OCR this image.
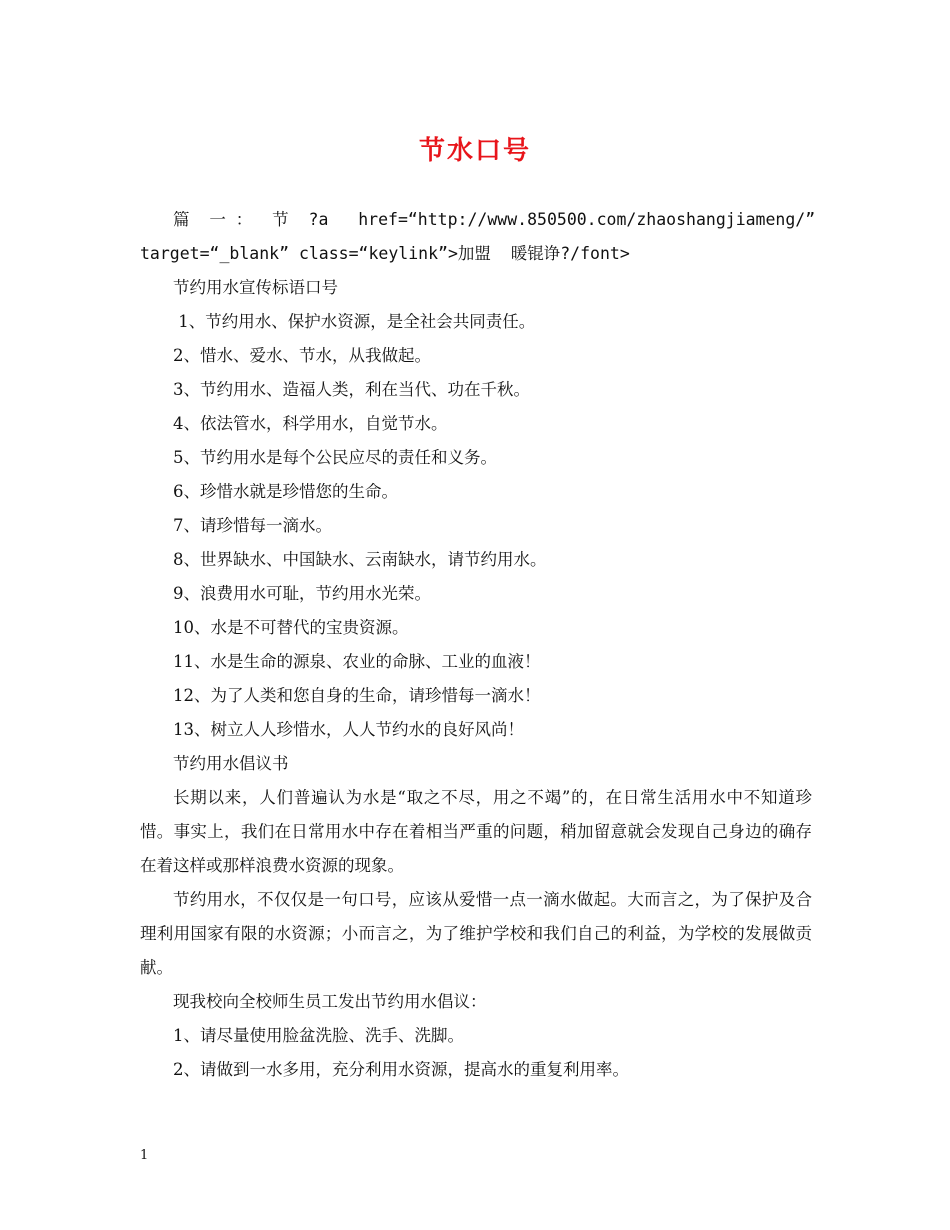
节水口号

篇  一 ：  节  ?a   href=“http://www.850500.com/zhaoshangjiameng/”

target=“_blank” class=“keylink”>加盟  暖锟诤?/font>

节约用水宣传标语口号

1、节约用水、保护水资源，是全社会共同责任。

2、惜水、爱水、节水，从我做起。

3、节约用水、造福人类，利在当代、功在千秋。

4、依法管水，科学用水，自觉节水。

5、节约用水是每个公民应尽的责任和义务。

6、珍惜水就是珍惜您的生命。

7、请珍惜每一滴水。

8、世界缺水、中国缺水、云南缺水，请节约用水。

9、浪费用水可耻，节约用水光荣。

10、水是不可替代的宝贵资源。

11、水是生命的源泉、农业的命脉、工业的血液！

12、为了人类和您自身的生命，请珍惜每一滴水！

13、树立人人珍惜水，人人节约水的良好风尚！

节约用水倡议书

长期以来，人们普遍认为水是“取之不尽，用之不竭”的，在日常生活用水中不知道珍惜。事实上，我们在日常用水中存在着相当严重的问题，稍加留意就会发现自己身边的确存在着这样或那样浪费水资源的现象。

节约用水，不仅仅是一句口号，应该从爱惜一点一滴水做起。大而言之，为了保护及合理利用国家有限的水资源；小而言之，为了维护学校和我们自己的利益，为学校的发展做贡献。

现我校向全校师生员工发出节约用水倡议：

1、请尽量使用脸盆洗脸、洗手、洗脚。

2、请做到一水多用，充分利用水资源，提高水的重复利用率。

1
